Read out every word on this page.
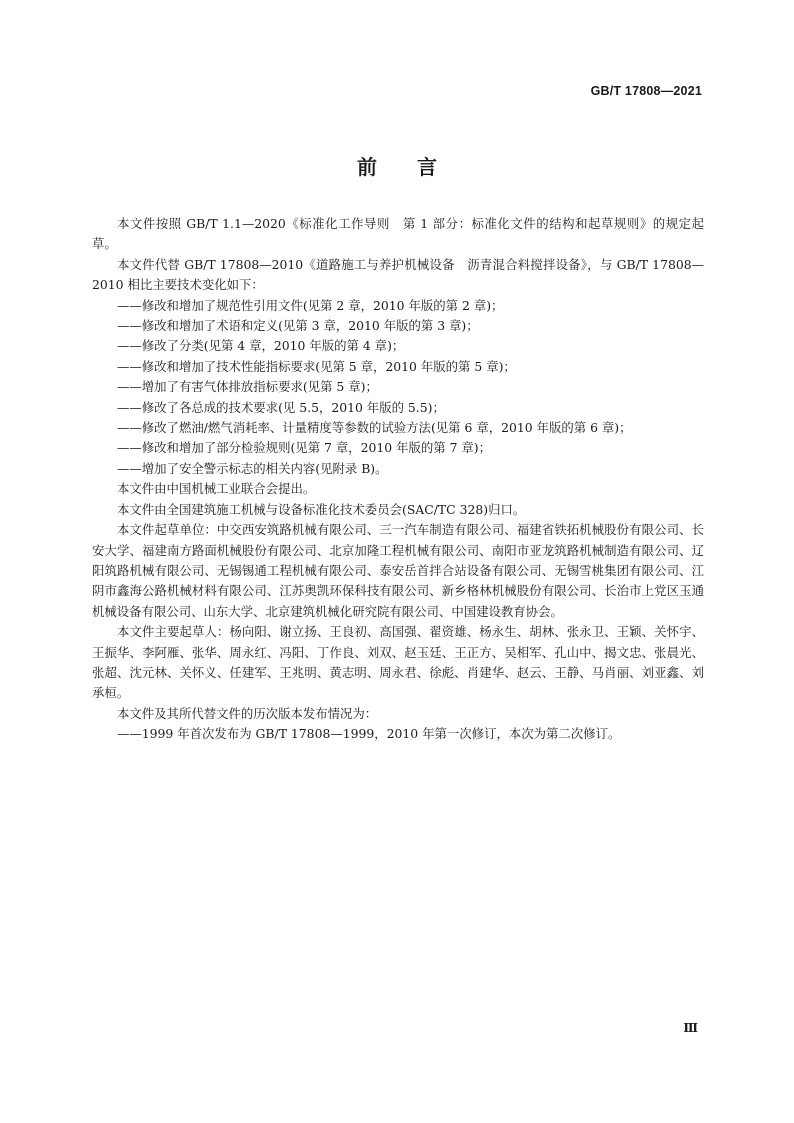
GB/T 17808—2021
前　　言

本文件按照 GB/T 1.1—2020《标准化工作导则　第 1 部分：标准化文件的结构和起草规则》的规定起草。

本文件代替 GB/T 17808—2010《道路施工与养护机械设备　沥青混合料搅拌设备》，与 GB/T 17808—2010 相比主要技术变化如下：

——修改和增加了规范性引用文件(见第 2 章，2010 年版的第 2 章)；

——修改和增加了术语和定义(见第 3 章，2010 年版的第 3 章)；

——修改了分类(见第 4 章，2010 年版的第 4 章)；

——修改和增加了技术性能指标要求(见第 5 章，2010 年版的第 5 章)；

——增加了有害气体排放指标要求(见第 5 章)；

——修改了各总成的技术要求(见 5.5，2010 年版的 5.5)；

——修改了燃油/燃气消耗率、计量精度等参数的试验方法(见第 6 章，2010 年版的第 6 章)；

——修改和增加了部分检验规则(见第 7 章，2010 年版的第 7 章)；

——增加了安全警示标志的相关内容(见附录 B)。

本文件由中国机械工业联合会提出。

本文件由全国建筑施工机械与设备标准化技术委员会(SAC/TC 328)归口。

本文件起草单位：中交西安筑路机械有限公司、三一汽车制造有限公司、福建省铁拓机械股份有限公司、长安大学、福建南方路面机械股份有限公司、北京加隆工程机械有限公司、南阳市亚龙筑路机械制造有限公司、辽阳筑路机械有限公司、无锡锡通工程机械有限公司、泰安岳首拌合站设备有限公司、无锡雪桃集团有限公司、江阴市鑫海公路机械材料有限公司、江苏奥凯环保科技有限公司、新乡格林机械股份有限公司、长治市上党区玉通机械设备有限公司、山东大学、北京建筑机械化研究院有限公司、中国建设教育协会。

本文件主要起草人：杨向阳、谢立扬、王良初、高国强、翟资雄、杨永生、胡林、张永卫、王颖、关怀宇、王振华、李阿雁、张华、周永红、冯阳、丁作良、刘双、赵玉廷、王正方、吴相军、孔山中、揭文忠、张晨光、张超、沈元林、关怀义、任建军、王兆明、黄志明、周永君、徐彪、肖建华、赵云、王静、马肖丽、刘亚鑫、刘承桓。

本文件及其所代替文件的历次版本发布情况为：

——1999 年首次发布为 GB/T 17808—1999，2010 年第一次修订，本次为第二次修订。

Ⅲ
